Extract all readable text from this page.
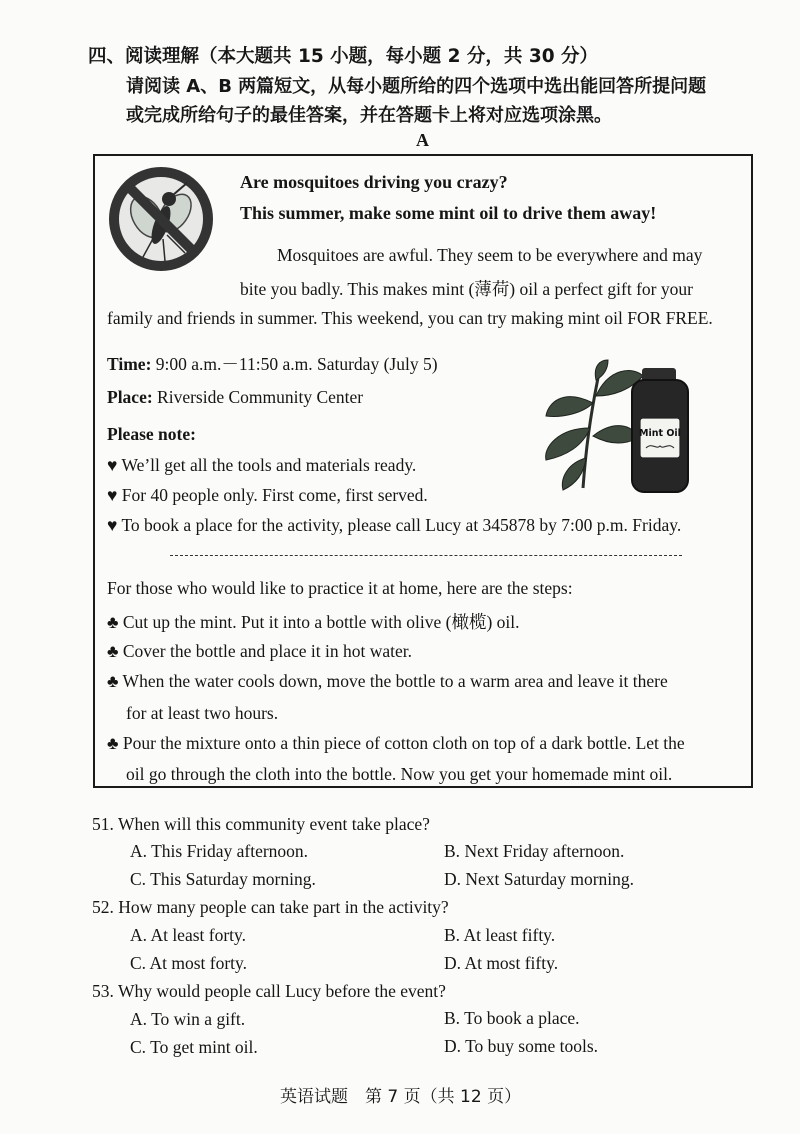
四、阅读理解（本大题共 15 小题，每小题 2 分，共 30 分）
请阅读 A、B 两篇短文，从每小题所给的四个选项中选出能回答所提问题
或完成所给句子的最佳答案，并在答题卡上将对应选项涂黑。
A
Are mosquitoes driving you crazy?
This summer, make some mint oil to drive them away!
Mosquitoes are awful. They seem to be everywhere and may
bite you badly. This makes mint (薄荷) oil a perfect gift for your
family and friends in summer. This weekend, you can try making mint oil FOR FREE.
Time: 9:00 a.m.－11:50 a.m. Saturday (July 5)
Place: Riverside Community Center
Please note:
♥ We’ll get all the tools and materials ready.
♥ For 40 people only. First come, first served.
♥ To book a place for the activity, please call Lucy at 345878 by 7:00 p.m. Friday.
Mint Oil
For those who would like to practice it at home, here are the steps:
♣ Cut up the mint. Put it into a bottle with olive (橄榄) oil.
♣ Cover the bottle and place it in hot water.
♣ When the water cools down, move the bottle to a warm area and leave it there
for at least two hours.
♣ Pour the mixture onto a thin piece of cotton cloth on top of a dark bottle. Let the
oil go through the cloth into the bottle. Now you get your homemade mint oil.
51. When will this community event take place?
A. This Friday afternoon.	B. Next Friday afternoon.
C. This Saturday morning.	D. Next Saturday morning.
52. How many people can take part in the activity?
A. At least forty.	B. At least fifty.
C. At most forty.	D. At most fifty.
53. Why would people call Lucy before the event?
A. To win a gift.	B. To book a place.
C. To get mint oil.	D. To buy some tools.
英语试题　第 7 页（共 12 页）
